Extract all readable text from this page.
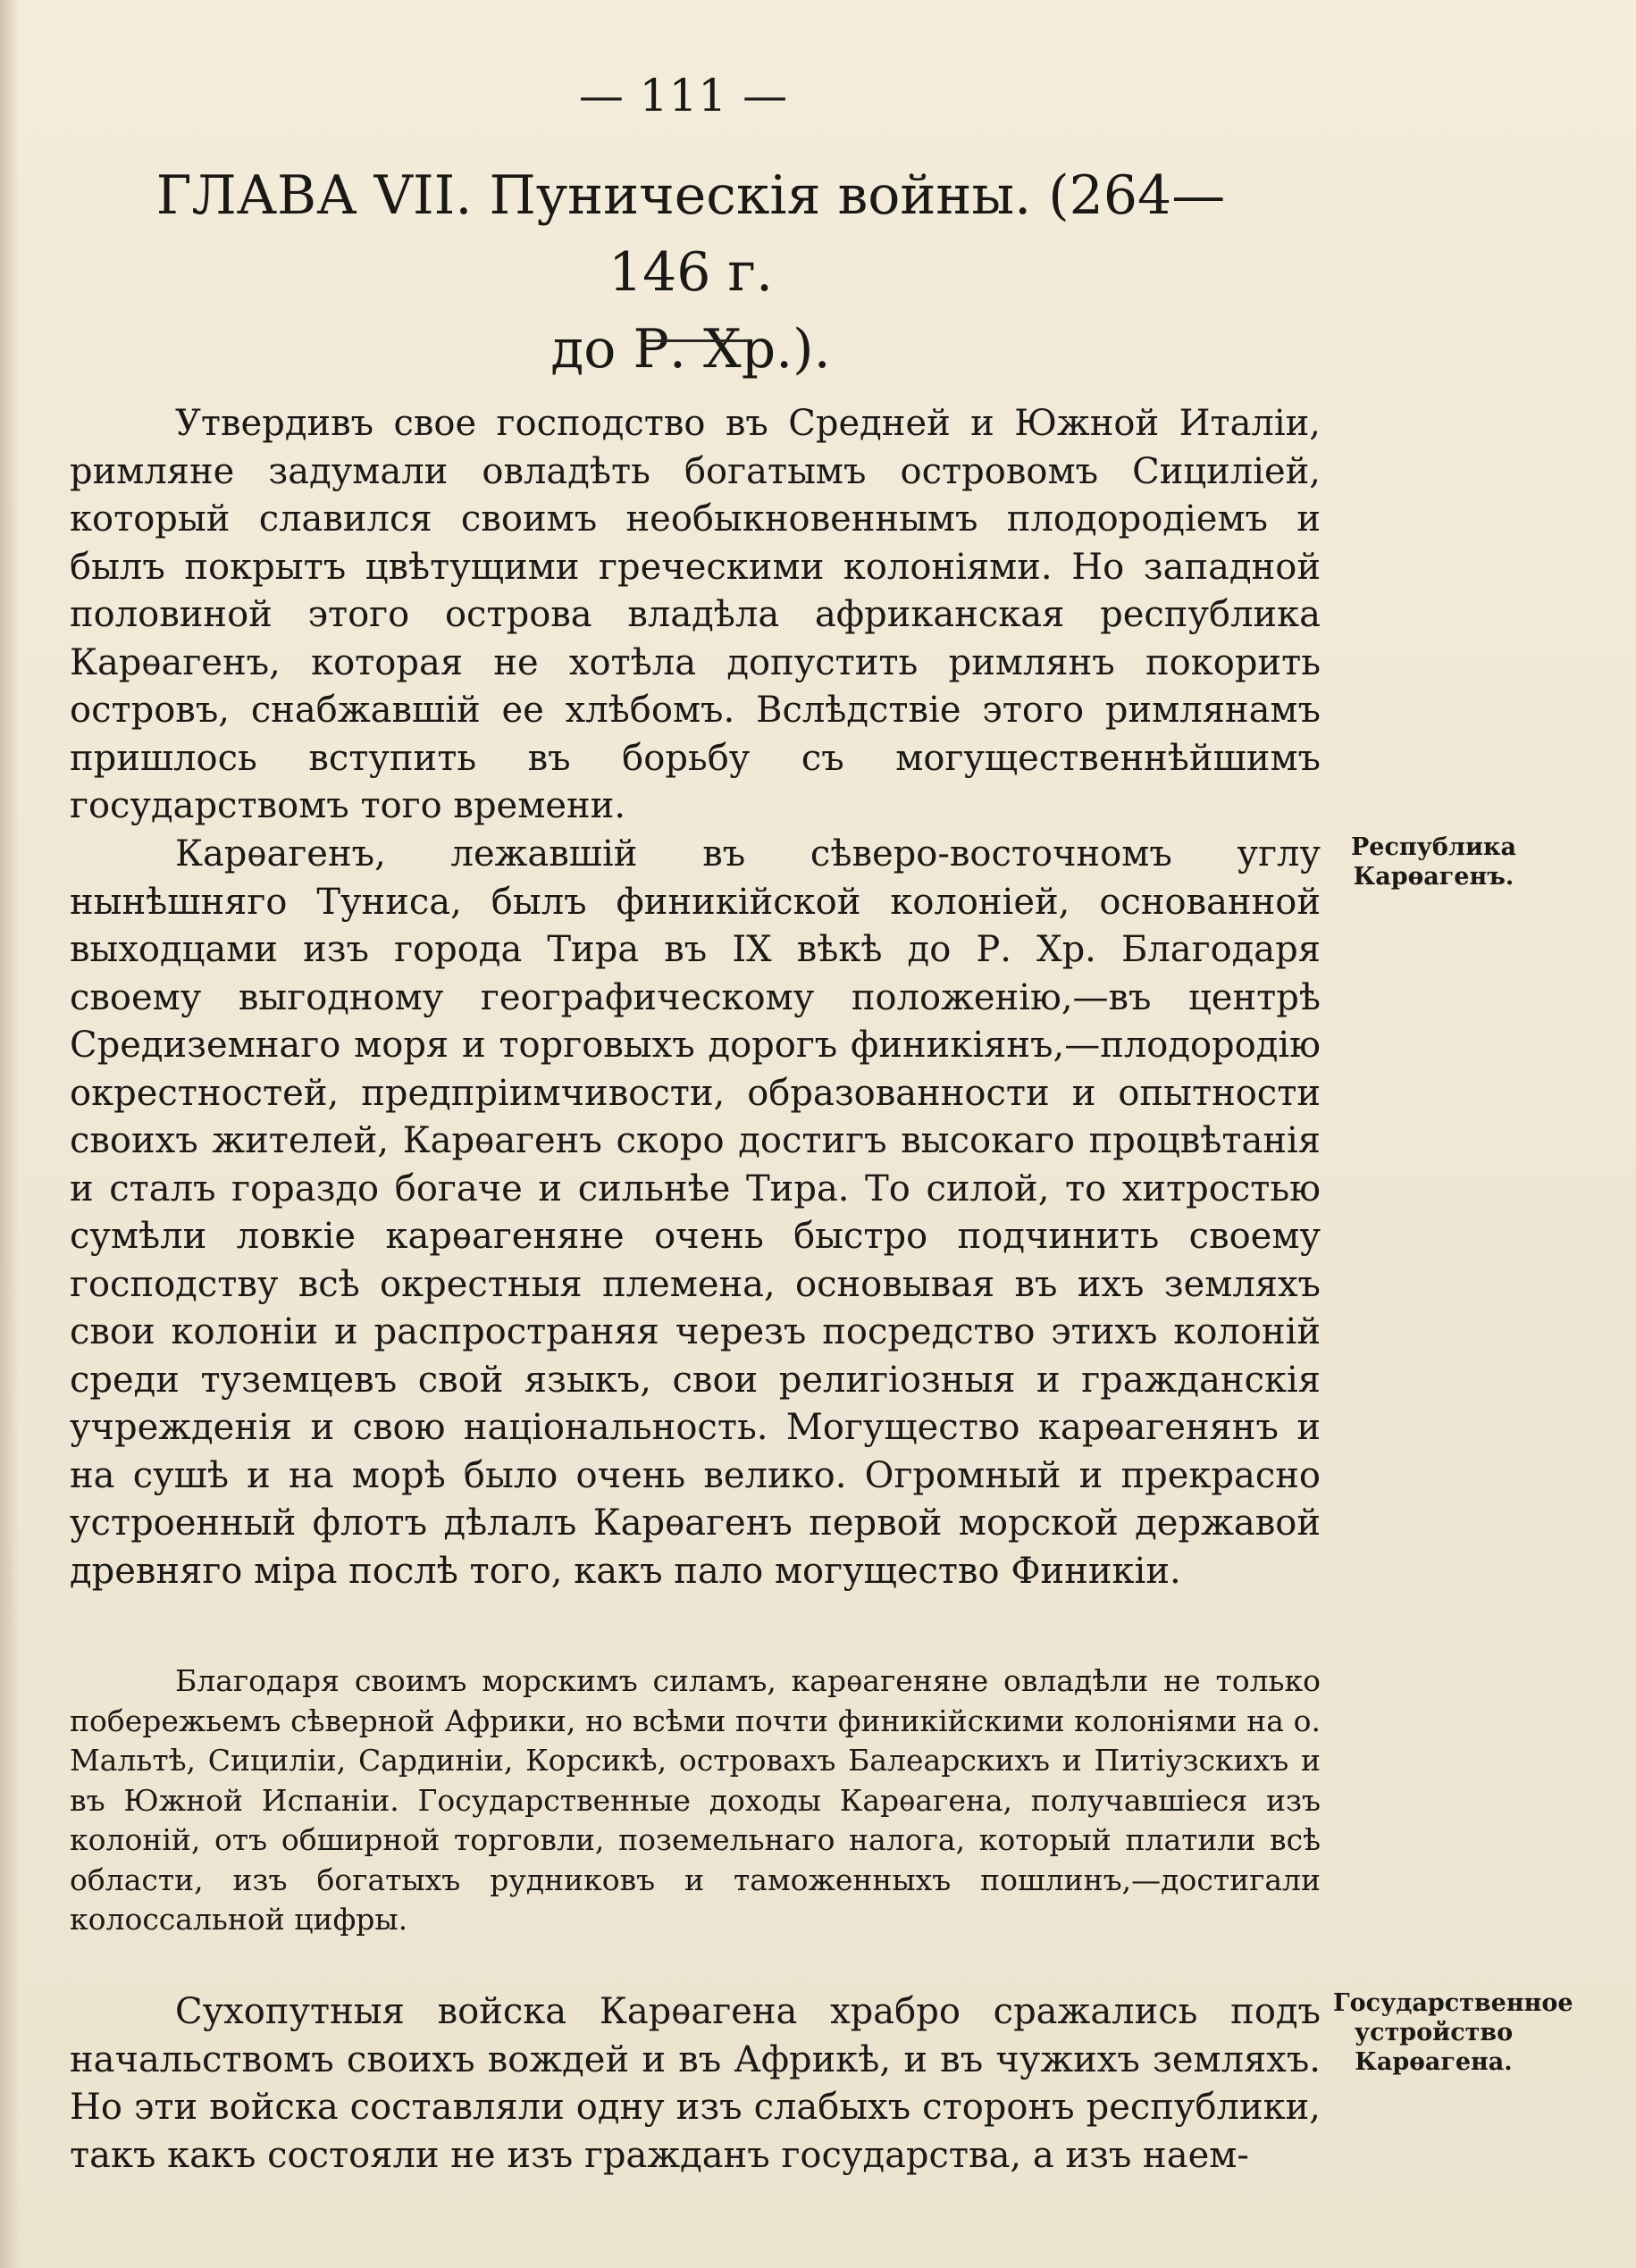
— 111 —
ГЛАВА VII. Пуническія войны. (264—146 г.
до Р. Хр.).

Утвердивъ свое господство въ Средней и Южной Италіи, римляне задумали овладѣть богатымъ островомъ Сициліей, который славился своимъ необыкновеннымъ плодородіемъ и былъ покрытъ цвѣтущими греческими колоніями. Но западной половиной этого острова владѣла африканская республика Карѳагенъ, которая не хотѣла допустить римлянъ покорить островъ, снабжавшій ее хлѣбомъ. Вслѣдствіе этого римлянамъ пришлось вступить въ борьбу съ могущественнѣйшимъ государствомъ того времени.

Карѳагенъ, лежавшій въ сѣверо-восточномъ углу нынѣшняго Туниса, былъ финикійской колоніей, основанной выходцами изъ города Тира въ IX вѣкѣ до Р. Хр. Благодаря своему выгодному географическому положенію,—въ центрѣ Средиземнаго моря и торговыхъ дорогъ финикіянъ,—плодородію окрестностей, предпріимчивости, образованности и опытности своихъ жителей, Карѳагенъ скоро достигъ высокаго процвѣтанія и сталъ гораздо богаче и сильнѣе Тира. То силой, то хитростью сумѣли ловкіе карѳагеняне очень быстро подчинить своему господству всѣ окрестныя племена, основывая въ ихъ земляхъ свои колоніи и распространяя черезъ посредство этихъ колоній среди туземцевъ свой языкъ, свои религіозныя и гражданскія учрежденія и свою національность. Могущество карѳагенянъ и на сушѣ и на морѣ было очень велико. Огромный и прекрасно устроенный флотъ дѣлалъ Карѳагенъ первой морской державой древняго міра послѣ того, какъ пало могущество Финикіи.

Благодаря своимъ морскимъ силамъ, карѳагеняне овладѣли не только побережьемъ сѣверной Африки, но всѣми почти финикійскими колоніями на о. Мальтѣ, Сициліи, Сардиніи, Корсикѣ, островахъ Балеарскихъ и Питіузскихъ и въ Южной Испаніи. Государственные доходы Карѳагена, получавшіеся изъ колоній, отъ обширной торговли, поземельнаго налога, который платили всѣ области, изъ богатыхъ рудниковъ и таможенныхъ пошлинъ,—достигали колоссальной цифры.

Сухопутныя войска Карѳагена храбро сражались подъ начальствомъ своихъ вождей и въ Африкѣ, и въ чужихъ земляхъ. Но эти войска составляли одну изъ слабыхъ сторонъ республики, такъ какъ состояли не изъ гражданъ государства, а изъ наем-

Республика Карѳагенъ.

Государственное устройство Карѳагена.
